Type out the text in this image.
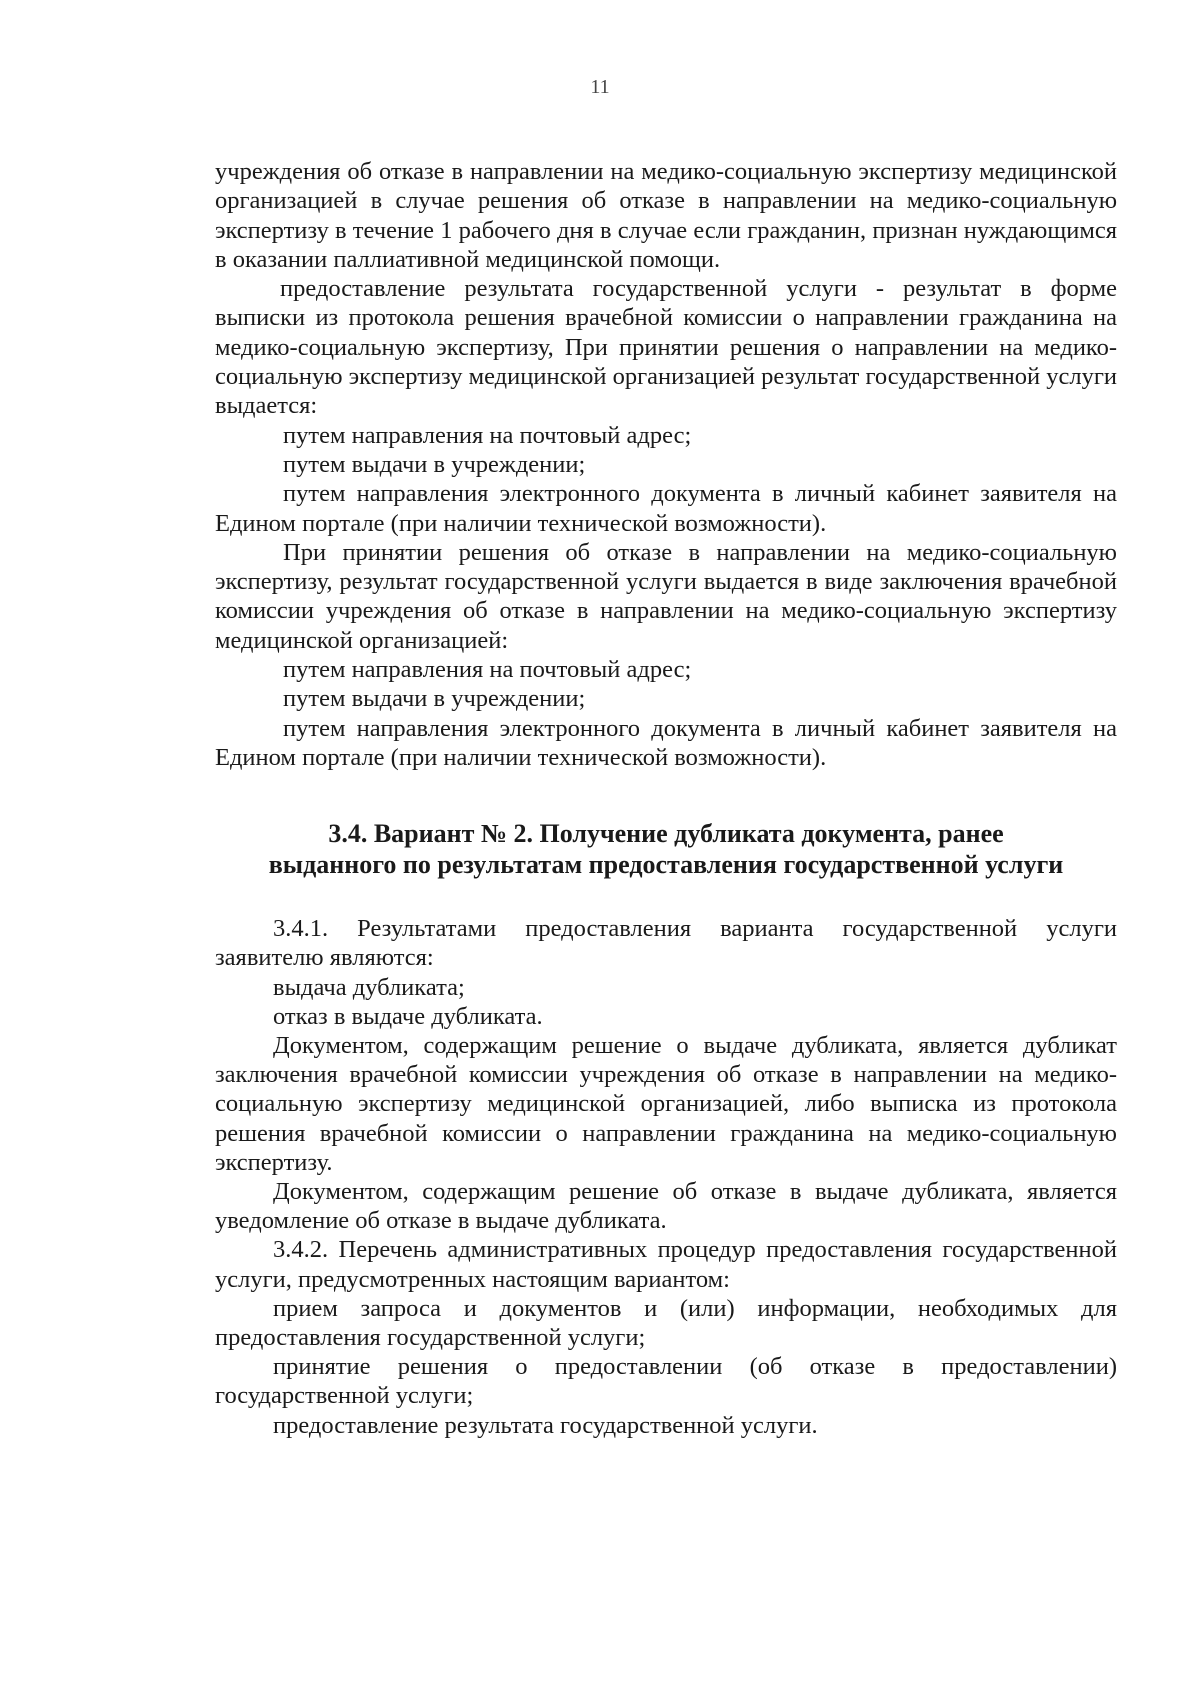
11

учреждения об отказе в направлении на медико-социальную экспертизу медицинской организацией в случае решения об отказе в направлении на медико-социальную экспертизу в течение 1 рабочего дня в случае если гражданин, признан нуждающимся в оказании паллиативной медицинской помощи.

предоставление результата государственной услуги - результат в форме выписки из протокола решения врачебной комиссии о направлении гражданина на медико-социальную экспертизу, При принятии решения о направлении на медико-социальную экспертизу медицинской организацией результат государственной услуги выдается:

путем направления на почтовый адрес;

путем выдачи в учреждении;

путем направления электронного документа в личный кабинет заявителя на Едином портале (при наличии технической возможности).

При принятии решения об отказе в направлении на медико-социальную экспертизу, результат государственной услуги выдается в виде заключения врачебной комиссии учреждения об отказе в направлении на медико-социальную экспертизу медицинской организацией:

путем направления на почтовый адрес;

путем выдачи в учреждении;

путем направления электронного документа в личный кабинет заявителя на Едином портале (при наличии технической возможности).

3.4. Вариант № 2. Получение дубликата документа, ранее
выданного по результатам предоставления государственной услуги

3.4.1. Результатами предоставления варианта государственной услуги заявителю являются:

выдача дубликата;

отказ в выдаче дубликата.

Документом, содержащим решение о выдаче дубликата, является дубликат заключения врачебной комиссии учреждения об отказе в направлении на медико-социальную экспертизу медицинской организацией, либо выписка из протокола решения врачебной комиссии о направлении гражданина на медико-социальную экспертизу.

Документом, содержащим решение об отказе в выдаче дубликата, является уведомление об отказе в выдаче дубликата.

3.4.2. Перечень административных процедур предоставления государственной услуги, предусмотренных настоящим вариантом:

прием запроса и документов и (или) информации, необходимых для предоставления государственной услуги;

принятие решения о предоставлении (об отказе в предоставлении) государственной услуги;

предоставление результата государственной услуги.
